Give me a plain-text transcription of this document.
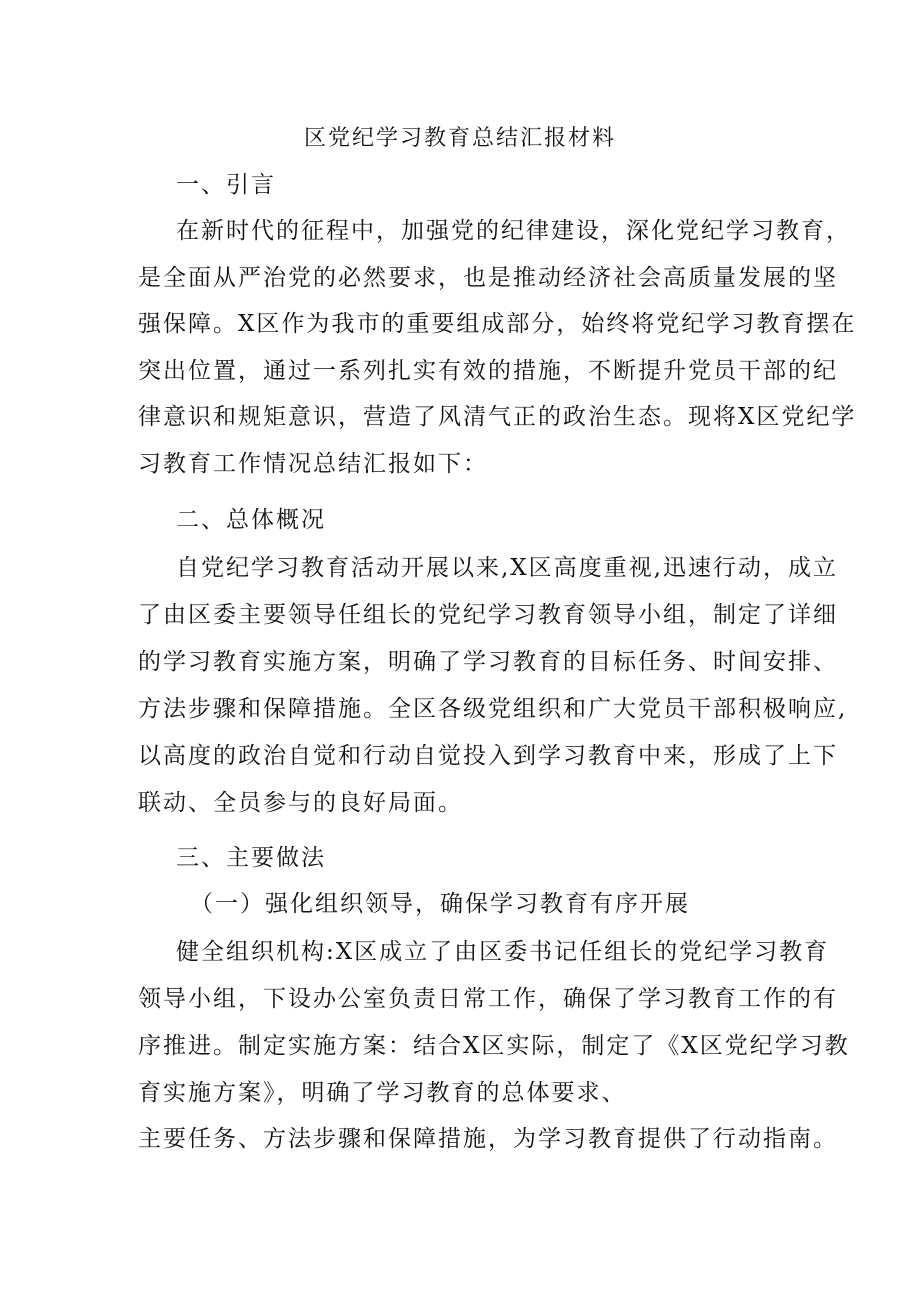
区党纪学习教育总结汇报材料
一、引言
在新时代的征程中，加强党的纪律建设，深化党纪学习教育，
是全面从严治党的必然要求，也是推动经济社会高质量发展的坚
强保障。X区作为我市的重要组成部分，始终将党纪学习教育摆在
突出位置，通过一系列扎实有效的措施，不断提升党员干部的纪
律意识和规矩意识，营造了风清气正的政治生态。现将X区党纪学
习教育工作情况总结汇报如下：
二、总体概况
自党纪学习教育活动开展以来,X区高度重视,迅速行动，成立
了由区委主要领导任组长的党纪学习教育领导小组，制定了详细
的学习教育实施方案，明确了学习教育的目标任务、时间安排、
方法步骤和保障措施。全区各级党组织和广大党员干部积极响应,
以高度的政治自觉和行动自觉投入到学习教育中来，形成了上下
联动、全员参与的良好局面。
三、主要做法
（一）强化组织领导，确保学习教育有序开展
健全组织机构:X区成立了由区委书记任组长的党纪学习教育
领导小组，下设办公室负责日常工作，确保了学习教育工作的有
序推进。制定实施方案：结合X区实际，制定了《X区党纪学习教
育实施方案》，明确了学习教育的总体要求、
主要任务、方法步骤和保障措施，为学习教育提供了行动指南。
